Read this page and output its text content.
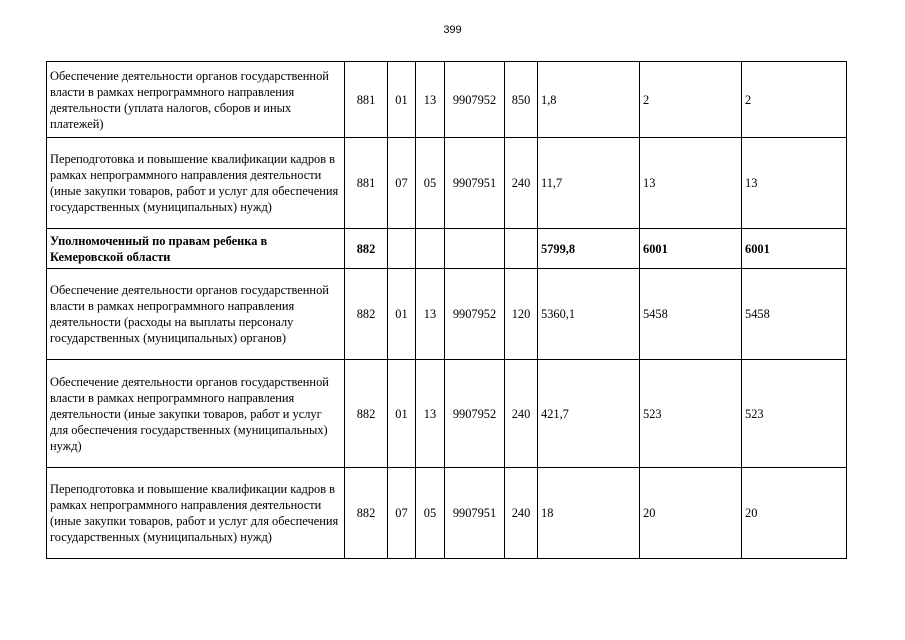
399
Обеспечение деятельности органов государственной власти в рамках непрограммного направления деятельности (уплата налогов, сборов и иных платежей)	881	01	13	9907952	850	1,8	2	2
Переподготовка и повышение квалификации кадров в рамках непрограммного направления деятельности (иные закупки товаров, работ и услуг для обеспечения государственных (муниципальных) нужд)	881	07	05	9907951	240	11,7	13	13
Уполномоченный по правам ребенка в Кемеровской области	882					5799,8	6001	6001
Обеспечение деятельности органов государственной власти в рамках непрограммного направления деятельности (расходы на выплаты персоналу государственных (муниципальных) органов)	882	01	13	9907952	120	5360,1	5458	5458
Обеспечение деятельности органов государственной власти в рамках непрограммного направления деятельности (иные закупки товаров, работ и услуг для обеспечения государственных (муниципальных) нужд)	882	01	13	9907952	240	421,7	523	523
Переподготовка и повышение квалификации кадров в рамках непрограммного направления деятельности (иные закупки товаров, работ и услуг для обеспечения государственных (муниципальных) нужд)	882	07	05	9907951	240	18	20	20
